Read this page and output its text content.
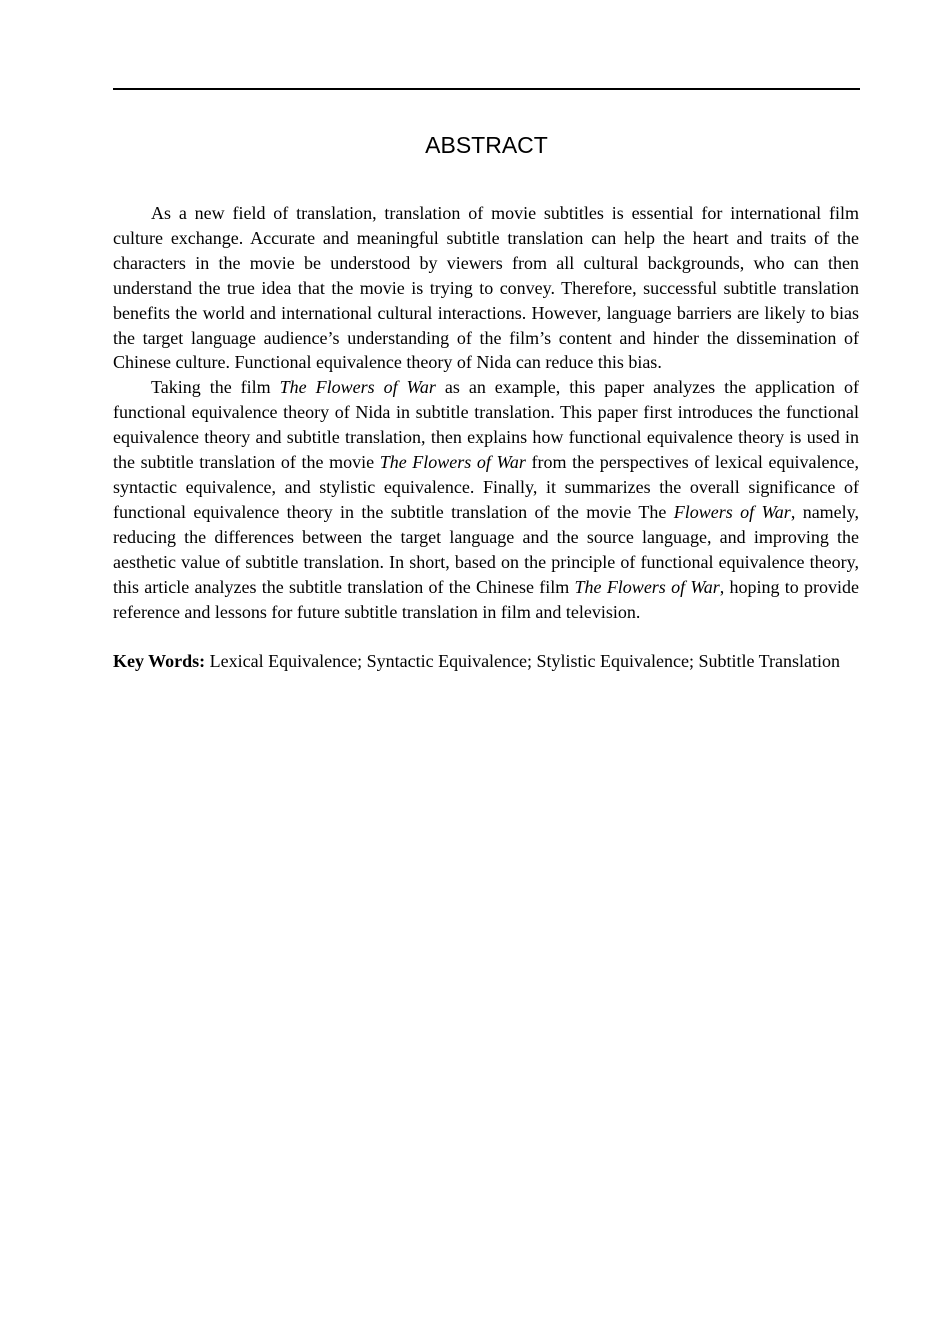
ABSTRACT

As a new field of translation, translation of movie subtitles is essential for international film culture exchange. Accurate and meaningful subtitle translation can help the heart and traits of the characters in the movie be understood by viewers from all cultural backgrounds, who can then understand the true idea that the movie is trying to convey. Therefore, successful subtitle translation benefits the world and international cultural interactions. However, language barriers are likely to bias the target language audience’s understanding of the film’s content and hinder the dissemination of Chinese culture. Functional equivalence theory of Nida can reduce this bias.

Taking the film The Flowers of War as an example, this paper analyzes the application of functional equivalence theory of Nida in subtitle translation. This paper first introduces the functional equivalence theory and subtitle translation, then explains how functional equivalence theory is used in the subtitle translation of the movie The Flowers of War from the perspectives of lexical equivalence, syntactic equivalence, and stylistic equivalence. Finally, it summarizes the overall significance of functional equivalence theory in the subtitle translation of the movie The Flowers of War, namely, reducing the differences between the target language and the source language, and improving the aesthetic value of subtitle translation. In short, based on the principle of functional equivalence theory, this article analyzes the subtitle translation of the Chinese film The Flowers of War, hoping to provide reference and lessons for future subtitle translation in film and television.

Key Words: Lexical Equivalence; Syntactic Equivalence; Stylistic Equivalence; Subtitle Translation
